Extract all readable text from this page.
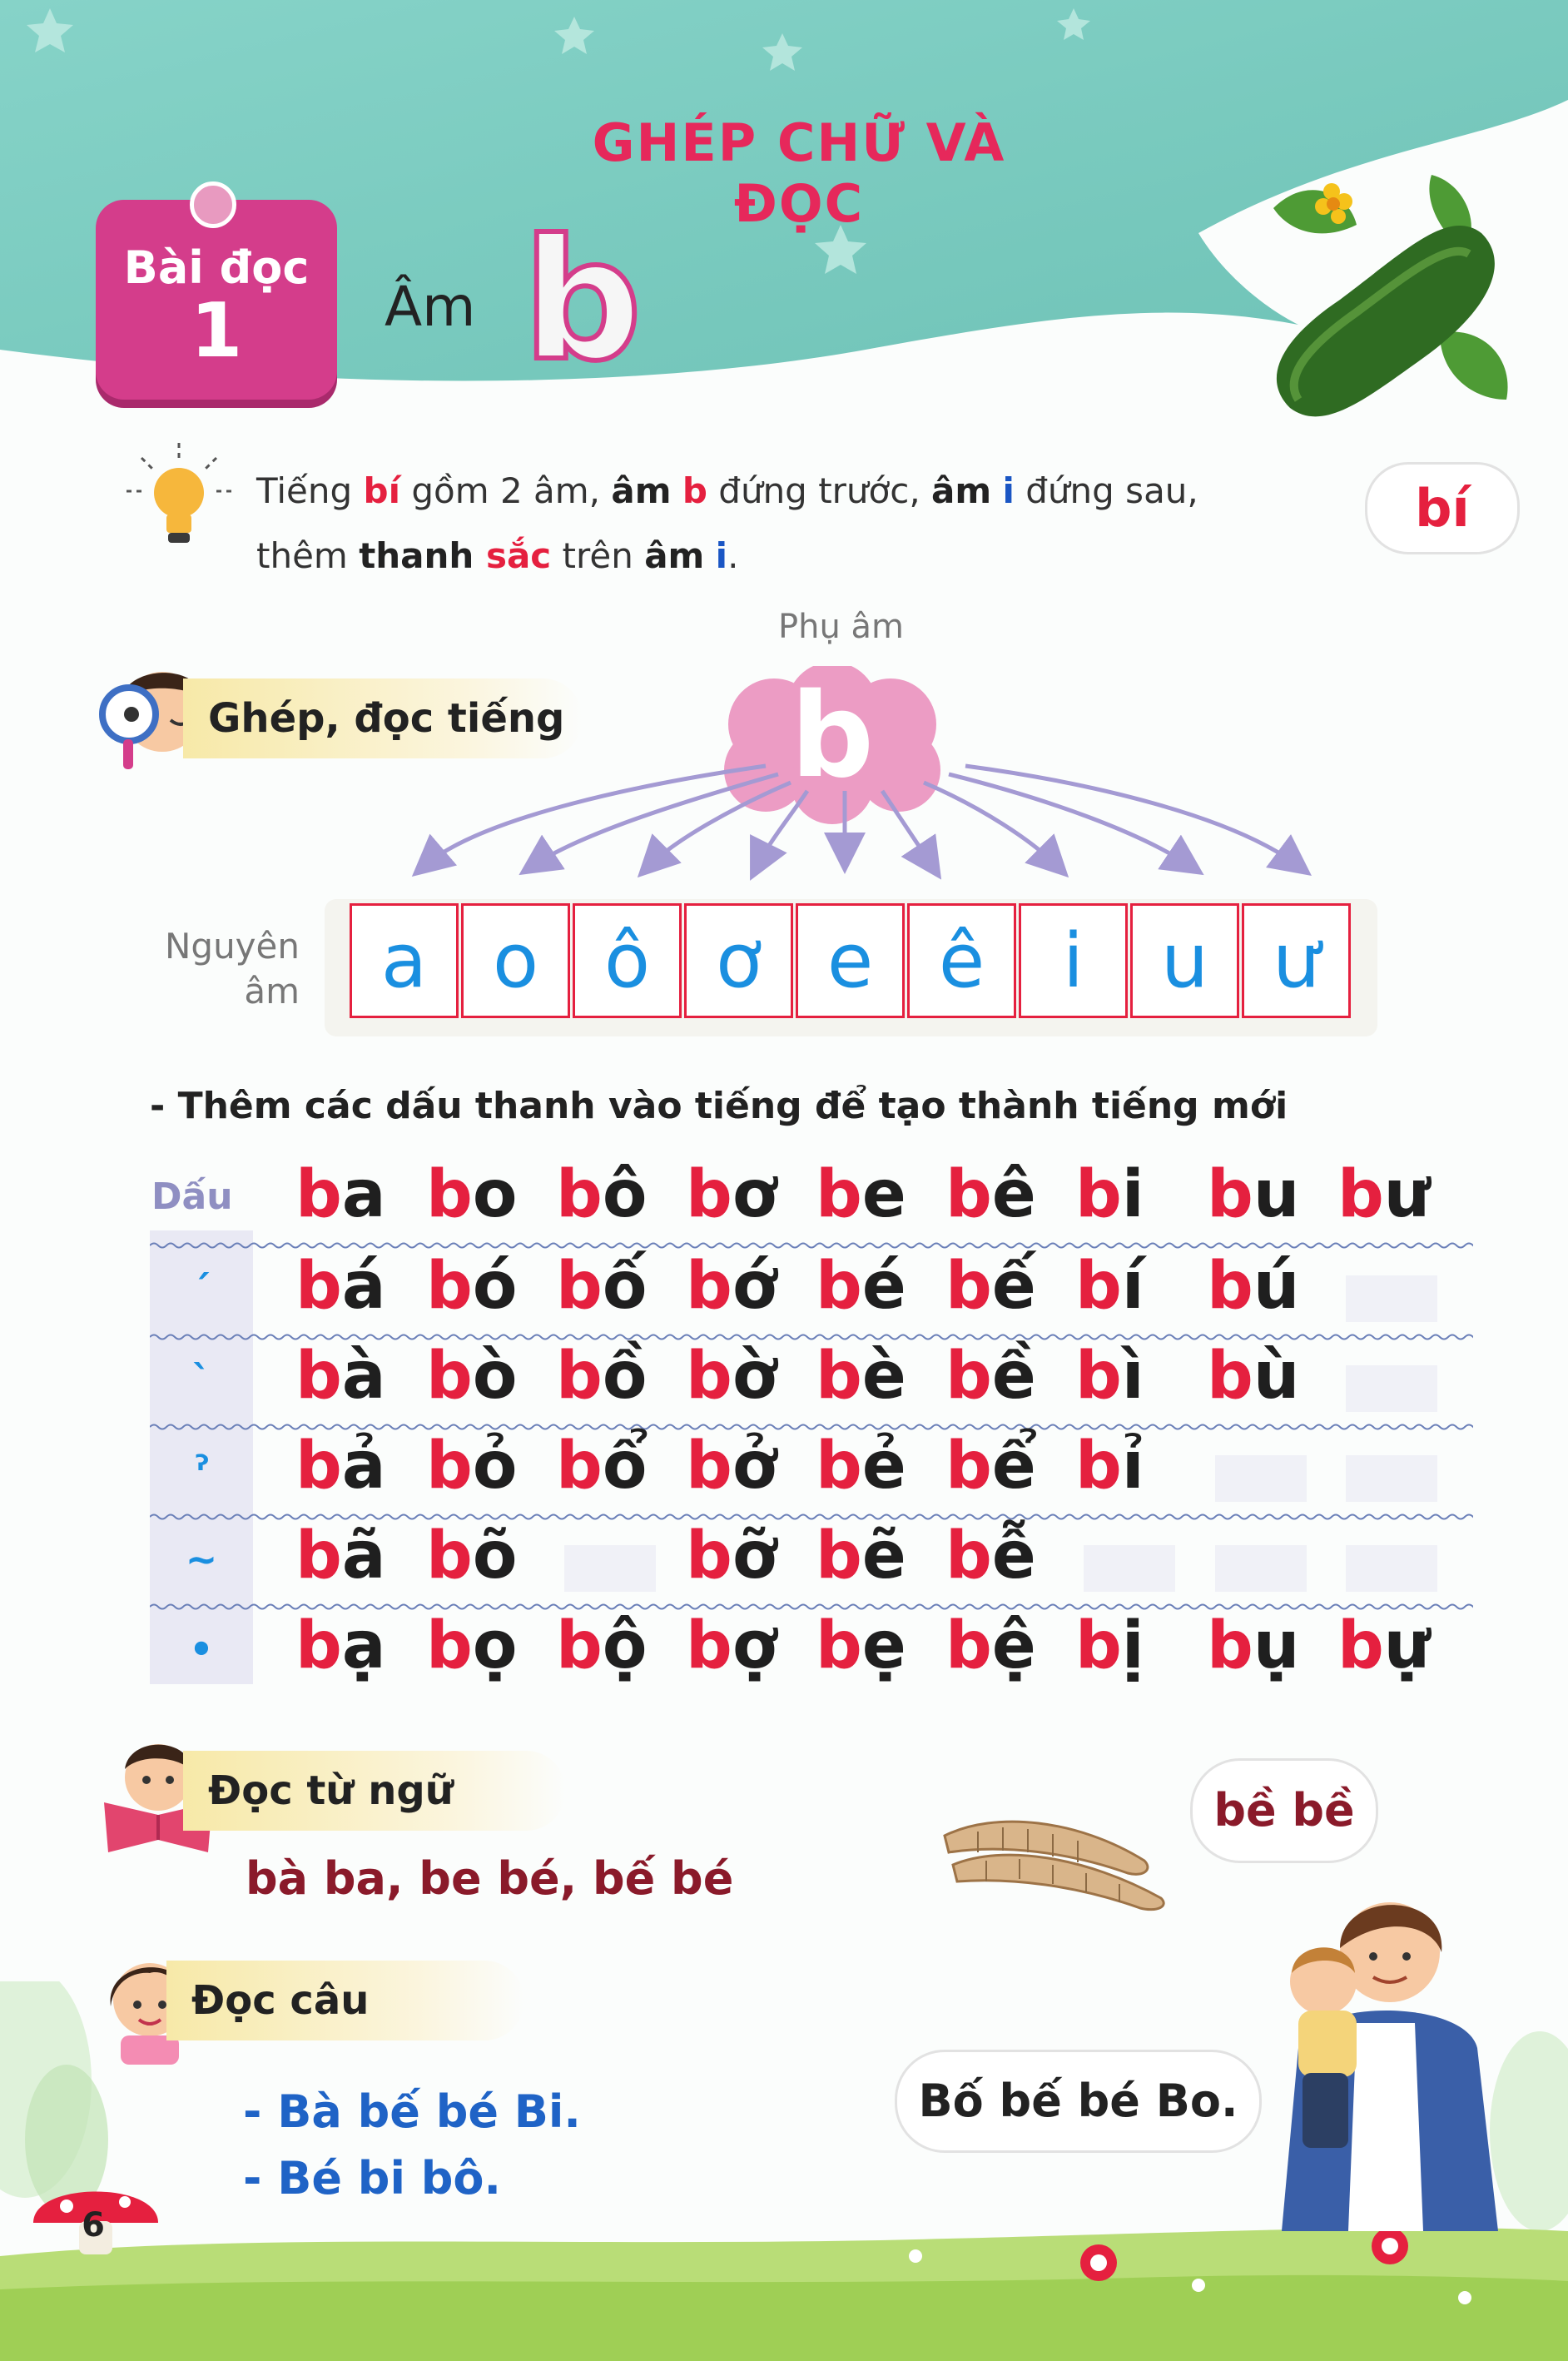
GHÉP CHỮ VÀ ĐỌC
Bài đọc
1	Âm b
Tiếng bí gồm 2 âm, âm b đứng trước, âm i đứng sau,
thêm thanh sắc trên âm i.
bí
Ghép, đọc tiếng
Phụ âm
b
Nguyên
âm	a o ô ơ e ê	i	u ư
- Thêm các dấu thanh vào tiếng để tạo thành tiếng mới
Dấu ba bo bô bơ be bê bi bu bư
ˊ	bá bó bố bớ bé bế bí bú
ˋ	bà bò bồ bờ bè bề bì bù
ˀ	bả bỏ bổ bở bẻ bể bỉ
~	bã bõ	bỡ bẽ bễ
•	bạ bọ bộ bợ bẹ bệ bị bụ bự
Đọc từ ngữ
bà ba, be bé, bế bé
bề bề
6
Đọc câu
- Bà bế bé Bi.
- Bé bi bô.
Bố bế bé Bo.
